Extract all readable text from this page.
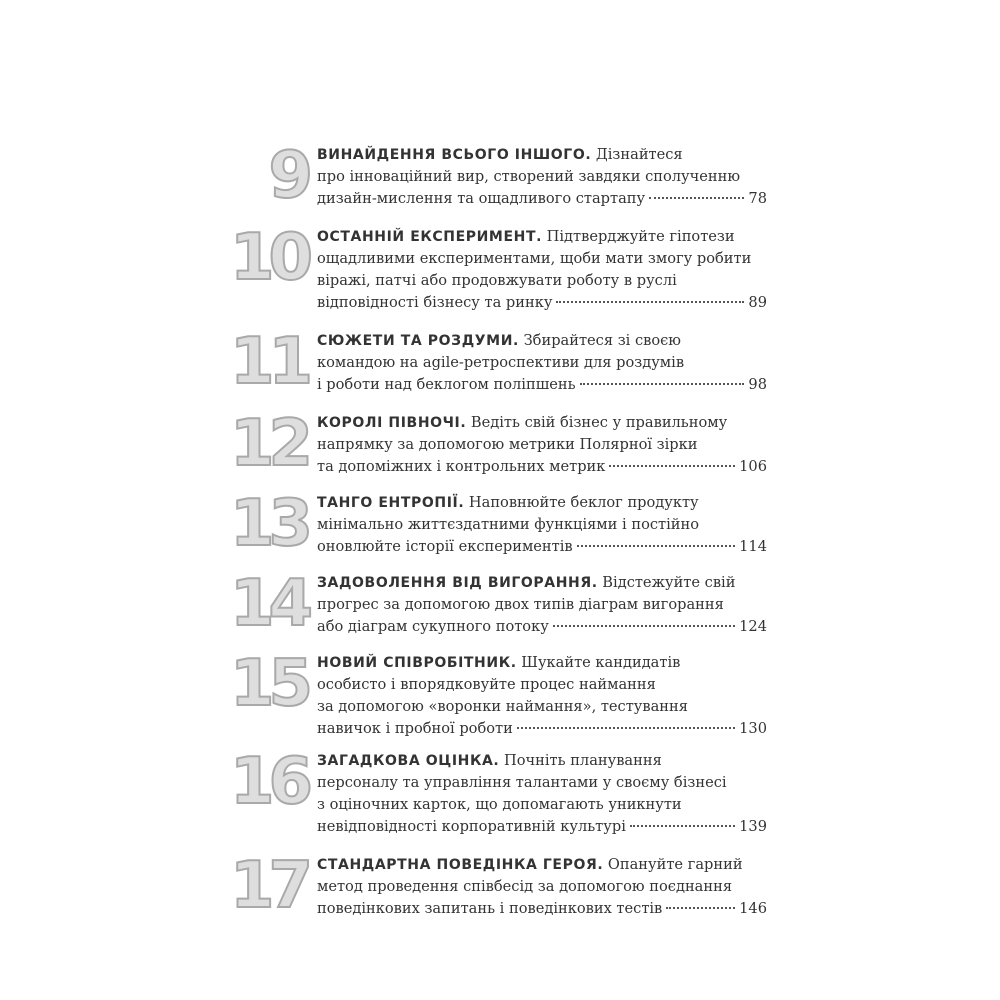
9 ВИНАЙДЕННЯ ВСЬОГО ІНШОГО. Дізнайтеся

про інноваційний вир, створений завдяки сполученню

дизайн-мислення та ощадливого стартапу	78

10 ОСТАННІЙ ЕКСПЕРИМЕНТ. Підтверджуйте гіпотези

ощадливими експериментами, щоби мати змогу робити

віражі, патчі або продовжувати роботу в руслі

відповідності бізнесу та ринку	89

11 СЮЖЕТИ ТА РОЗДУМИ. Збирайтеся зі своєю

командою на agile-ретроспективи для роздумів

і роботи над беклогом поліпшень	98

12 КОРОЛІ ПІВНОЧІ. Ведіть свій бізнес у правильному

напрямку за допомогою метрики Полярної зірки

та допоміжних і контрольних метрик	106

13 ТАНГО ЕНТРОПІЇ. Наповнюйте беклог продукту

мінімально життєздатними функціями і постійно

оновлюйте історії експериментів	114

14 ЗАДОВОЛЕННЯ ВІД ВИГОРАННЯ. Відстежуйте свій

прогрес за допомогою двох типів діаграм вигорання

або діаграм сукупного потоку	124

15 НОВИЙ СПІВРОБІТНИК. Шукайте кандидатів

особисто і впорядковуйте процес наймання

за допомогою «воронки наймання», тестування

навичок і пробної роботи	130

16 ЗАГАДКОВА ОЦІНКА. Почніть планування

персоналу та управління талантами у своєму бізнесі

з оціночних карток, що допомагають уникнути

невідповідності корпоративній культурі	139

17 СТАНДАРТНА ПОВЕДІНКА ГЕРОЯ. Опануйте гарний

метод проведення співбесід за допомогою поєднання

поведінкових запитань і поведінкових тестів	146
